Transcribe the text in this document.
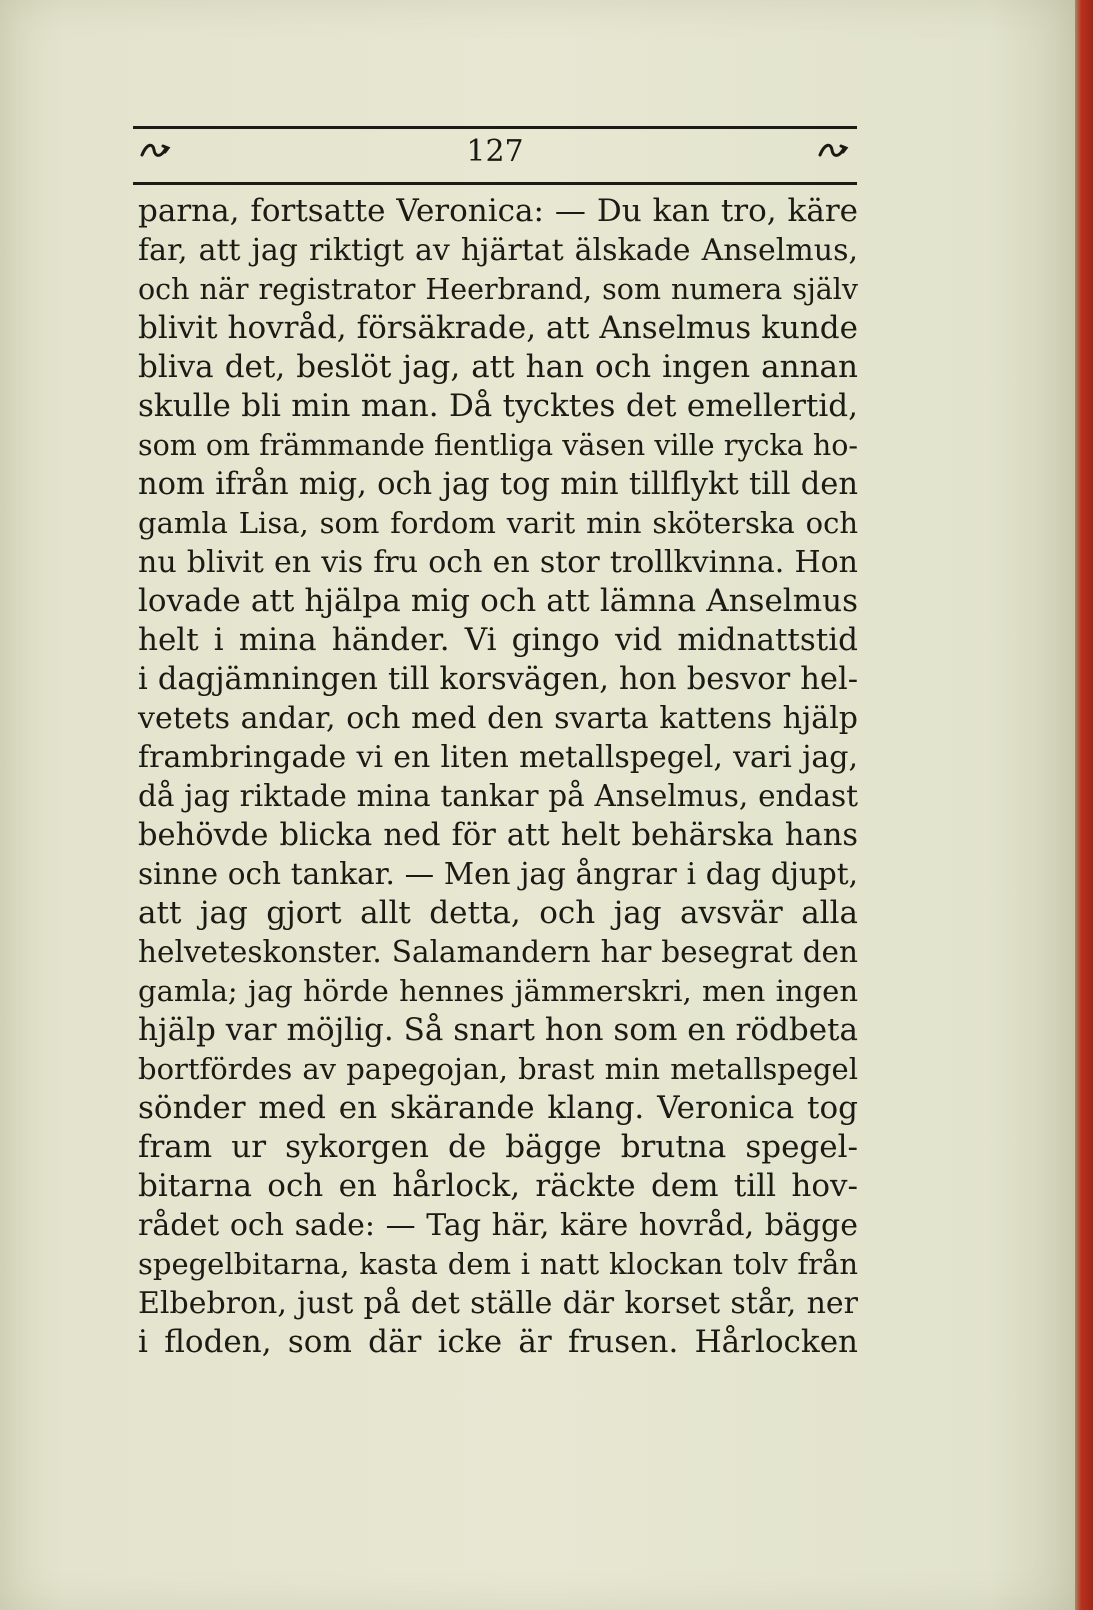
127
parna, fortsatte Veronica: — Du kan tro, käre
far, att jag riktigt av hjärtat älskade Anselmus,
och när registrator Heerbrand, som numera själv
blivit hovråd, försäkrade, att Anselmus kunde
bliva det, beslöt jag, att han och ingen annan
skulle bli min man. Då tycktes det emellertid,
som om främmande fientliga väsen ville rycka ho-
nom ifrån mig, och jag tog min tillflykt till den
gamla Lisa, som fordom varit min sköterska och
nu blivit en vis fru och en stor trollkvinna. Hon
lovade att hjälpa mig och att lämna Anselmus
helt i mina händer. Vi gingo vid midnattstid
i dagjämningen till korsvägen, hon besvor hel-
vetets andar, och med den svarta kattens hjälp
frambringade vi en liten metallspegel, vari jag,
då jag riktade mina tankar på Anselmus, endast
behövde blicka ned för att helt behärska hans
sinne och tankar. — Men jag ångrar i dag djupt,
att jag gjort allt detta, och jag avsvär alla
helveteskonster. Salamandern har besegrat den
gamla; jag hörde hennes jämmerskri, men ingen
hjälp var möjlig. Så snart hon som en rödbeta
bortfördes av papegojan, brast min metallspegel
sönder med en skärande klang. Veronica tog
fram ur sykorgen de bägge brutna spegel-
bitarna och en hårlock, räckte dem till hov-
rådet och sade: — Tag här, käre hovråd, bägge
spegelbitarna, kasta dem i natt klockan tolv från
Elbebron, just på det ställe där korset står, ner
i floden, som där icke är frusen. Hårlocken
